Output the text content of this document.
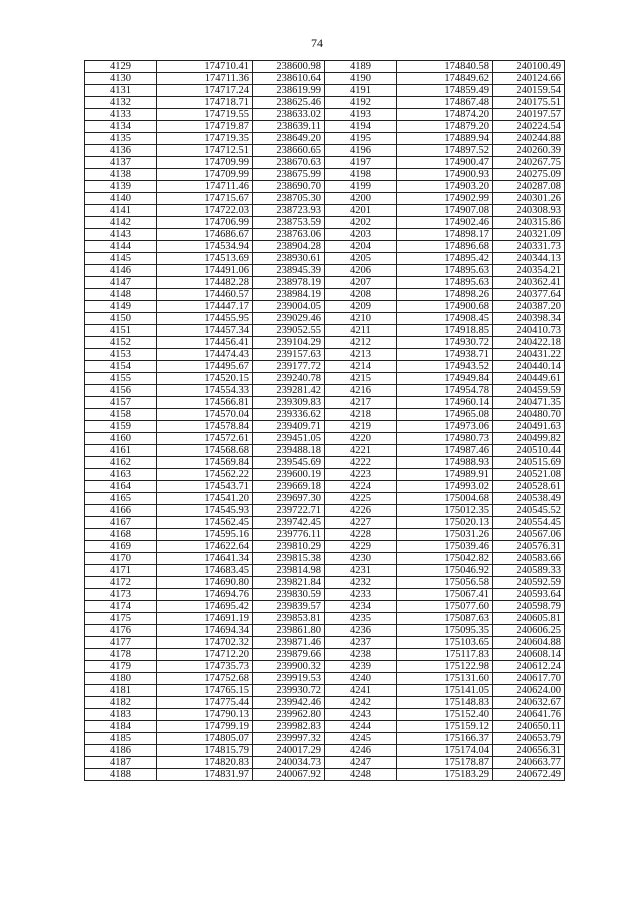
74
4129	174710.41	238600.98	4189	174840.58	240100.49
4130	174711.36	238610.64	4190	174849.62	240124.66
4131	174717.24	238619.99	4191	174859.49	240159.54
4132	174718.71	238625.46	4192	174867.48	240175.51
4133	174719.55	238633.02	4193	174874.20	240197.57
4134	174719.87	238639.11	4194	174879.20	240224.54
4135	174719.35	238649.20	4195	174889.94	240244.88
4136	174712.51	238660.65	4196	174897.52	240260.39
4137	174709.99	238670.63	4197	174900.47	240267.75
4138	174709.99	238675.99	4198	174900.93	240275.09
4139	174711.46	238690.70	4199	174903.20	240287.08
4140	174715.67	238705.30	4200	174902.99	240301.26
4141	174722.03	238723.93	4201	174907.08	240308.93
4142	174706.99	238753.59	4202	174902.46	240315.86
4143	174686.67	238763.06	4203	174898.17	240321.09
4144	174534.94	238904.28	4204	174896.68	240331.73
4145	174513.69	238930.61	4205	174895.42	240344.13
4146	174491.06	238945.39	4206	174895.63	240354.21
4147	174482.28	238978.19	4207	174895.63	240362.41
4148	174460.57	238984.19	4208	174898.26	240377.64
4149	174447.17	239004.05	4209	174900.68	240387.20
4150	174455.95	239029.46	4210	174908.45	240398.34
4151	174457.34	239052.55	4211	174918.85	240410.73
4152	174456.41	239104.29	4212	174930.72	240422.18
4153	174474.43	239157.63	4213	174938.71	240431.22
4154	174495.67	239177.72	4214	174943.52	240440.14
4155	174520.15	239240.78	4215	174949.84	240449.61
4156	174554.33	239281.42	4216	174954.78	240459.59
4157	174566.81	239309.83	4217	174960.14	240471.35
4158	174570.04	239336.62	4218	174965.08	240480.70
4159	174578.84	239409.71	4219	174973.06	240491.63
4160	174572.61	239451.05	4220	174980.73	240499.82
4161	174568.68	239488.18	4221	174987.46	240510.44
4162	174569.84	239545.69	4222	174988.93	240515.69
4163	174562.22	239600.19	4223	174989.91	240521.08
4164	174543.71	239669.18	4224	174993.02	240528.61
4165	174541.20	239697.30	4225	175004.68	240538.49
4166	174545.93	239722.71	4226	175012.35	240545.52
4167	174562.45	239742.45	4227	175020.13	240554.45
4168	174595.16	239776.11	4228	175031.26	240567.06
4169	174622.64	239810.29	4229	175039.46	240576.31
4170	174641.34	239815.38	4230	175042.82	240583.66
4171	174683.45	239814.98	4231	175046.92	240589.33
4172	174690.80	239821.84	4232	175056.58	240592.59
4173	174694.76	239830.59	4233	175067.41	240593.64
4174	174695.42	239839.57	4234	175077.60	240598.79
4175	174691.19	239853.81	4235	175087.63	240605.81
4176	174694.34	239861.80	4236	175095.35	240606.25
4177	174702.32	239871.46	4237	175103.65	240604.88
4178	174712.20	239879.66	4238	175117.83	240608.14
4179	174735.73	239900.32	4239	175122.98	240612.24
4180	174752.68	239919.53	4240	175131.60	240617.70
4181	174765.15	239930.72	4241	175141.05	240624.00
4182	174775.44	239942.46	4242	175148.83	240632.67
4183	174790.13	239962.80	4243	175152.40	240641.76
4184	174799.19	239982.83	4244	175159.12	240650.11
4185	174805.07	239997.32	4245	175166.37	240653.79
4186	174815.79	240017.29	4246	175174.04	240656.31
4187	174820.83	240034.73	4247	175178.87	240663.77
4188	174831.97	240067.92	4248	175183.29	240672.49
